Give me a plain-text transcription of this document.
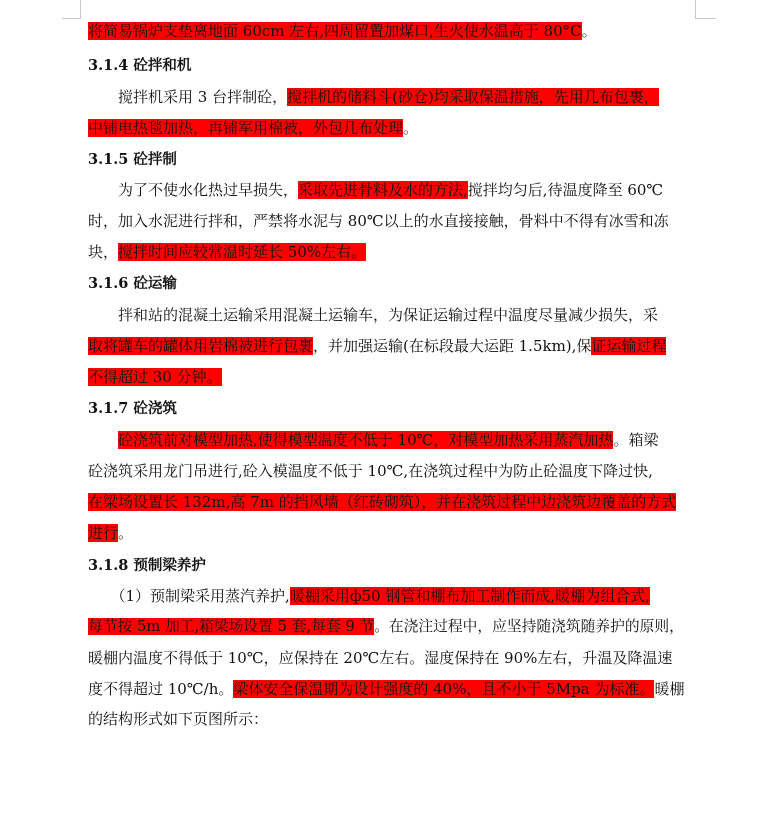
将简易锅炉支垫离地面 60cm 左右,四周留置加煤口,生火使水温高于 80°C。
3.1.4 砼拌和机
　　搅拌机采用 3 台拌制砼，搅拌机的储料斗(砂仓)均采取保温措施，先用几布包裹，
中铺电热毯加热，再铺军用棉被，外包几布处理。
3.1.5 砼拌制
　　为了不使水化热过早损失，采取先进骨料及水的方法,搅拌均匀后,待温度降至 60℃
时，加入水泥进行拌和，严禁将水泥与 80℃以上的水直接接触，骨料中不得有冰雪和冻
块，搅拌时间应较常温时延长 50%左右。
3.1.6 砼运输
　　拌和站的混凝土运输采用混凝土运输车，为保证运输过程中温度尽量减少损失，采
取将罐车的罐体用岩棉被进行包裹，并加强运输(在标段最大运距 1.5km),保证运输过程
不得超过 30 分钟。
3.1.7 砼浇筑
　　砼浇筑前对模型加热,使得模型温度不低于 10℃，对模型加热采用蒸汽加热。箱梁
砼浇筑采用龙门吊进行,砼入模温度不低于 10℃,在浇筑过程中为防止砼温度下降过快,
在梁场设置长 132m,高 7m 的挡风墙（红砖砌筑），并在浇筑过程中边浇筑边覆盖的方式
进行。
3.1.8 预制梁养护
　　（1）预制梁采用蒸汽养护,暖棚采用ф50 钢管和棚布加工制作而成,暖棚为组合式,
每节按 5m 加工,箱梁场设置 5 套,每套 9 节。在浇注过程中，应坚持随浇筑随养护的原则，
暖棚内温度不得低于 10℃，应保持在 20℃左右。湿度保持在 90%左右，升温及降温速
度不得超过 10℃/h。梁体安全保温期为设计强度的 40%，且不小于 5Mpa 为标准。暖棚
的结构形式如下页图所示：
